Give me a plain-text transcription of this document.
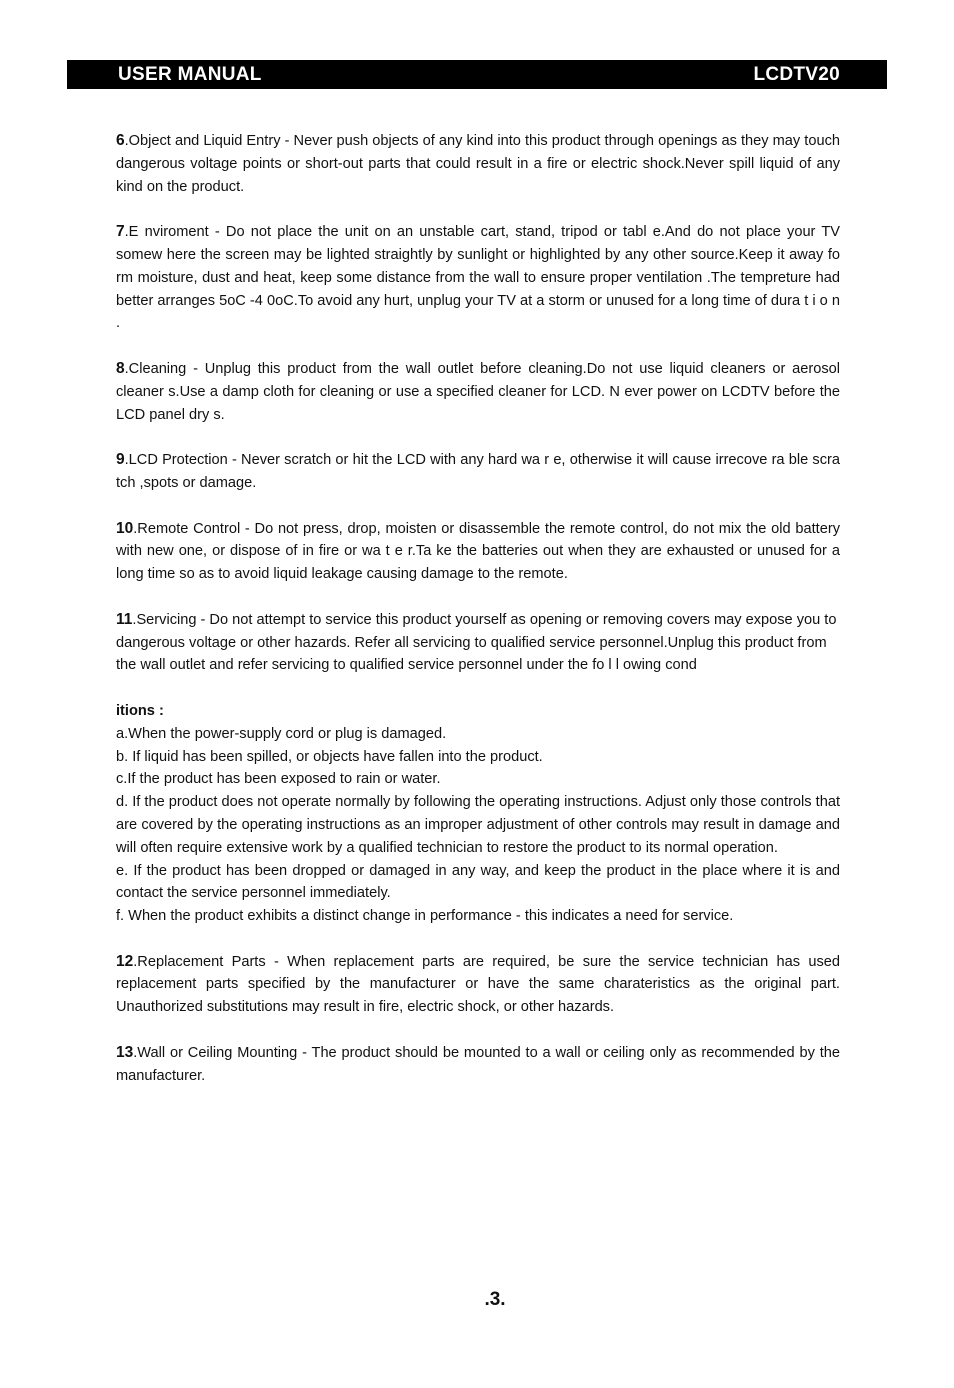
USER MANUAL	LCDTV20

6.Object and Liquid Entry - Never push objects of any kind into this product through openings as they may touch dangerous voltage points or short-out parts that could result in a fire or electric shock.Never spill liquid of any kind on the product.

7.E nviroment - Do not place the unit on an unstable cart, stand, tripod or tabl e.And do not place your TV somew here the screen may be lighted straightly by sunlight or highlighted by any other source.Keep it away fo rm moisture, dust and heat, keep some distance from the wall to ensure proper ventilation .The tempreture had better arranges 5oC -4 0oC.To avoid any hurt, unplug your TV at a storm or unused for a long time of dura t i o n .

8.Cleaning - Unplug this product from the wall outlet before cleaning.Do not use liquid cleaners or aerosol cleaner s.Use a damp cloth for cleaning or use a specified cleaner for LCD. N ever power on LCDTV before the LCD panel dry s.

9.LCD Protection - Never scratch or hit the LCD with any hard wa r e, otherwise it will cause irrecove ra ble scra tch ,spots or damage.

10.Remote Control - Do not press, drop, moisten or disassemble the remote control, do not mix the old battery with new one, or dispose of in fire or wa t e r.Ta ke the batteries out when they are exhausted or unused for a long time so as to avoid liquid leakage causing damage to the remote.

11.Servicing - Do not attempt to service this product yourself as opening or removing covers may expose you to dangerous voltage or other hazards. Refer all servicing to qualified service personnel.Unplug this product from the wall outlet and refer servicing to qualified service personnel under the fo l l owing cond

itions :

a.When the power-supply cord or plug is damaged.

b. If liquid has been spilled, or objects have fallen into the product.

c.If the product has been exposed to rain or water.

d. If the product does not operate normally by following the operating instructions. Adjust only those controls that are covered by the operating instructions as an improper adjustment of other controls may result in damage and will often require extensive work by a qualified technician to restore the product to its normal operation.

e. If the product has been dropped or damaged in any way, and keep the product in the place where it is and contact the service personnel immediately.

f. When the product exhibits a distinct change in performance - this indicates a need for service.

12.Replacement Parts - When replacement parts are required, be sure the service technician has used replacement parts specified by the manufacturer or have the same charateristics as the original part. Unauthorized substitutions may result in fire, electric shock, or other hazards.

13.Wall or Ceiling Mounting - The product should be mounted to a wall or ceiling only as recommended by the manufacturer.

.3.
